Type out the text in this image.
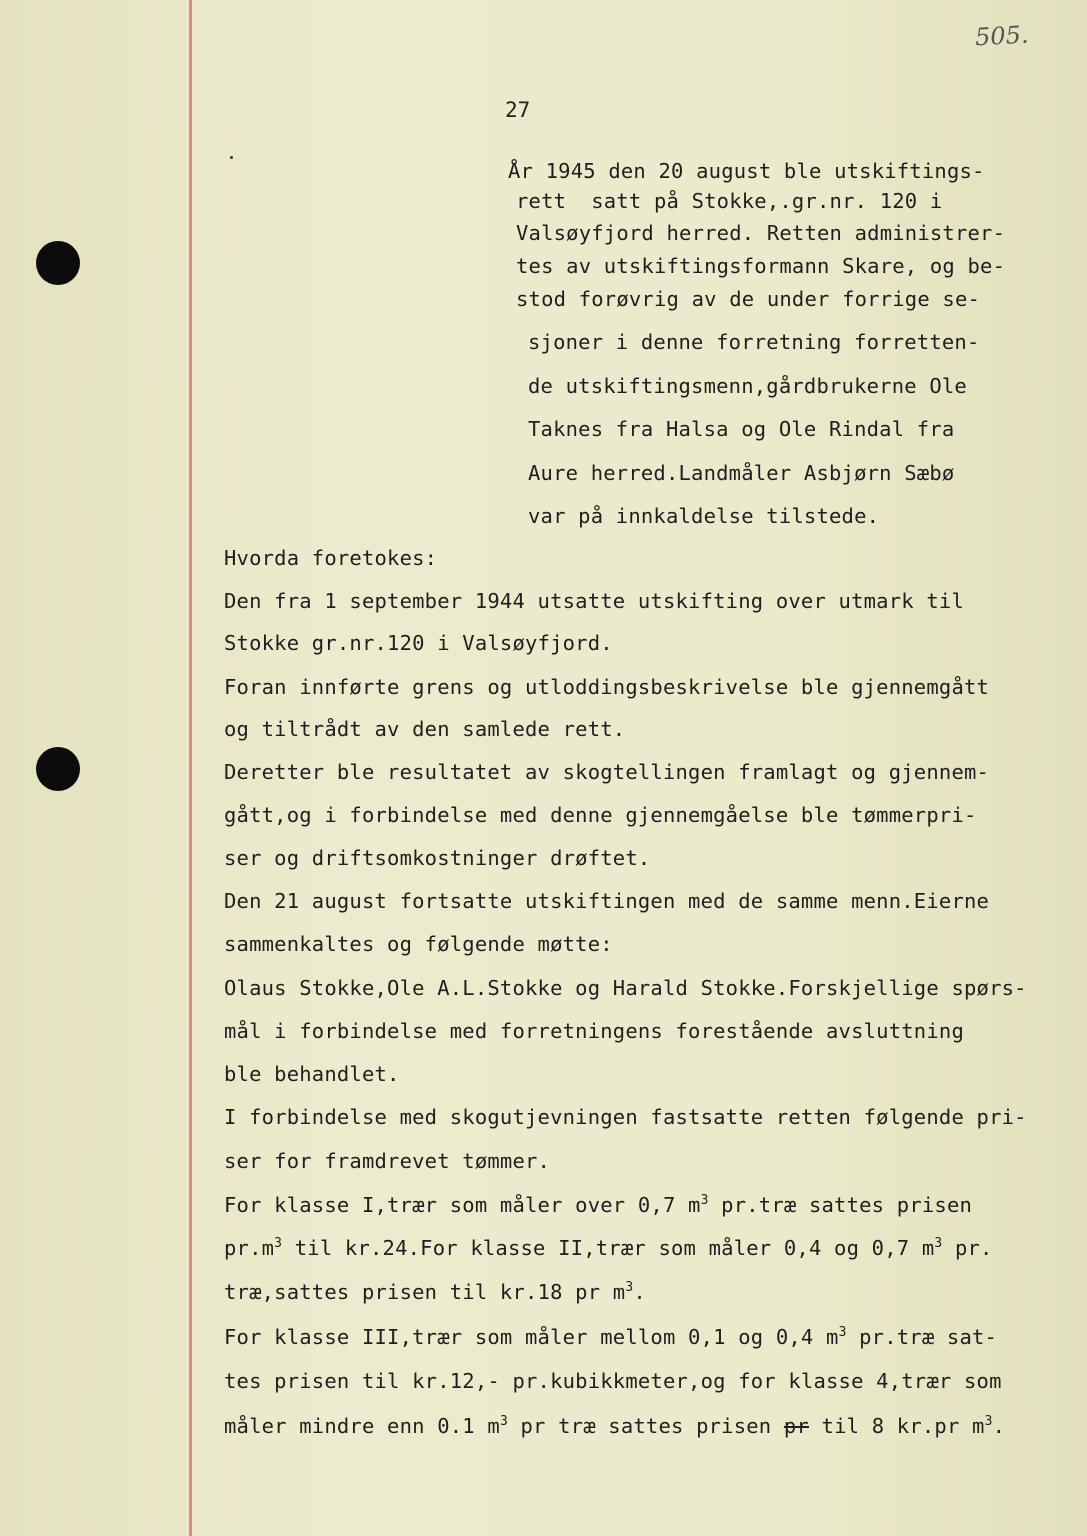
505.
27
År 1945 den 20 august ble utskiftings-
rett  satt på Stokke,.gr.nr. 120 i
Valsøyfjord herred. Retten administrer-
tes av utskiftingsformann Skare, og be-
stod forøvrig av de under forrige se-
sjoner i denne forretning forretten-
de utskiftingsmenn,gårdbrukerne Ole
Taknes fra Halsa og Ole Rindal fra
Aure herred.Landmåler Asbjørn Sæbø
var på innkaldelse tilstede.
Hvorda foretokes:
Den fra 1 september 1944 utsatte utskifting over utmark til
Stokke gr.nr.120 i Valsøyfjord.
Foran innførte grens og utloddingsbeskrivelse ble gjennemgått
og tiltrådt av den samlede rett.
Deretter ble resultatet av skogtellingen framlagt og gjennem-
gått,og i forbindelse med denne gjennemgåelse ble tømmerpri-
ser og driftsomkostninger drøftet.
Den 21 august fortsatte utskiftingen med de samme menn.Eierne
sammenkaltes og følgende møtte:
Olaus Stokke,Ole A.L.Stokke og Harald Stokke.Forskjellige spørs-
mål i forbindelse med forretningens forestående avsluttning
ble behandlet.
I forbindelse med skogutjevningen fastsatte retten følgende pri-
ser for framdrevet tømmer.
For klasse I,trær som måler over 0,7 $m^3$ pr.træ sattes prisen
$pr.m^3$ til kr.24.For klasse II,trær som måler 0,4 og 0,7 $m^3$ pr.
træ,sattes prisen til kr.18 pr $m^3$.
For klasse III,trær som måler mellom 0,1 og 0,4 $m^3$ pr.træ sat-
tes prisen til kr.12,- pr.kubikkmeter,og for klasse 4,trær som
måler mindre enn 0.1 $m^3$ pr træ sattes prisen pr til 8 kr.pr $m^3$.
